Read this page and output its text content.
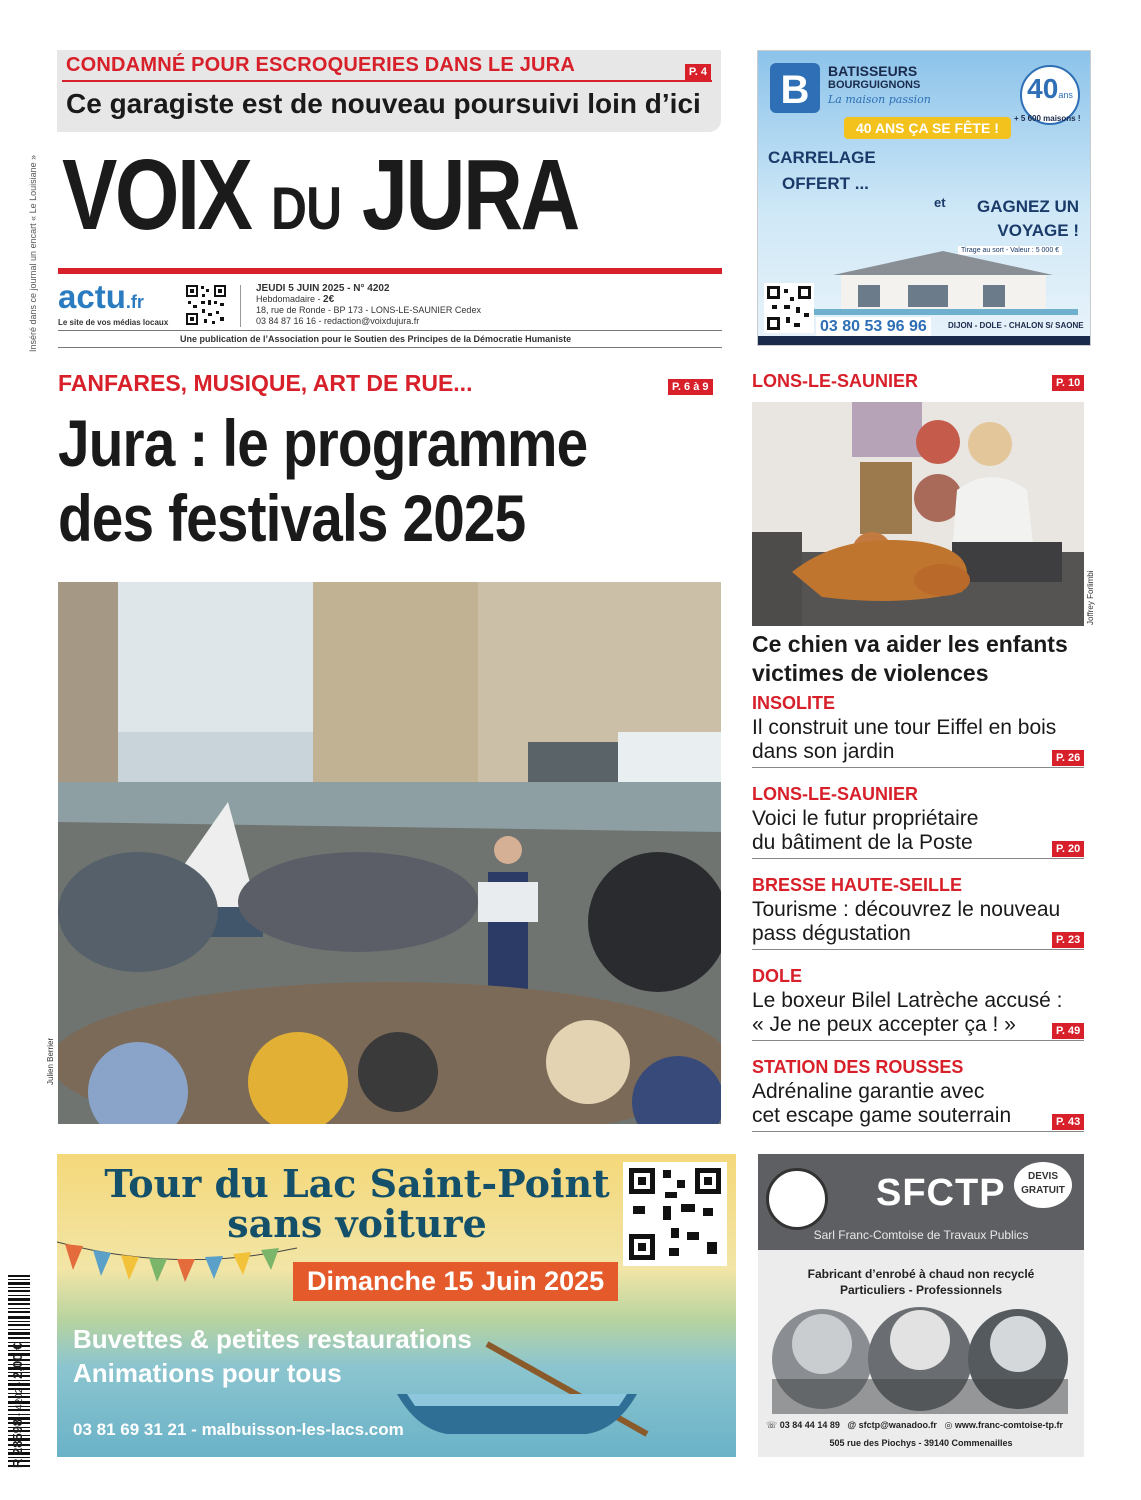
Inséré dans ce journal un encart « Le Louisiane »
CONDAMNÉ POUR ESCROQUERIES DANS LE JURA	P. 4
Ce garagiste est de nouveau poursuivi loin d’ici
VOIX DU JURA
actu.fr
Le site de vos médias locaux
JEUDI 5 JUIN 2025 - N° 4202
Hebdomadaire - 2€
18, rue de Ronde - BP 173 - LONS-LE-SAUNIER Cedex
03 84 87 16 16 - redaction@voixdujura.fr
Une publication de l’Association pour le Soutien des Principes de la Démocratie Humaniste
B BATISSEURS
BOURGUIGNONS
La maison passion	40ans
40 ANS ÇA SE FÊTE !
+ 5 600 maisons !
CARRELAGE
OFFERT ...
et	GAGNEZ UN
VOYAGE !
Tirage au sort - Valeur : 5 000 €
03 80 53 96 96	DIJON - DOLE - CHALON S/ SAONE
FANFARES, MUSIQUE, ART DE RUE...	P. 6 à 9
Jura : le programme
des festivals 2025
Julien Berrier
LONS-LE-SAUNIER	P. 10
Joffrey Forlimbi
Ce chien va aider les enfants
victimes de violences
INSOLITE
Il construit une tour Eiffel en bois
dans son jardin	P. 26
LONS-LE-SAUNIER
Voici le futur propriétaire
du bâtiment de la Poste	P. 20
BRESSE HAUTE-SEILLE
Tourisme : découvrez le nouveau
pass dégustation	P. 23
DOLE
Le boxeur Bilel Latrèche accusé :
« Je ne peux accepter ça ! »	P. 49
STATION DES ROUSSES
Adrénaline garantie avec
cet escape game souterrain	P. 43
Tour du Lac Saint-Point
sans voiture
Dimanche 15 Juin 2025
Buvettes & petites restaurations
Animations pour tous
03 81 69 31 21 - malbuisson-les-lacs.com
SFCTP	DEVIS
GRATUIT
Sarl Franc-Comtoise de Travaux Publics
Fabricant d’enrobé à chaud non recyclé
Particuliers - Professionnels
☏ 03 84 44 14 89 @ sfctp@wanadoo.fr ◎ www.franc-comtoise-tp.fr
505 rue des Piochys - 39140 Commenailles
R 28598 - 4202 - 2,00 €
